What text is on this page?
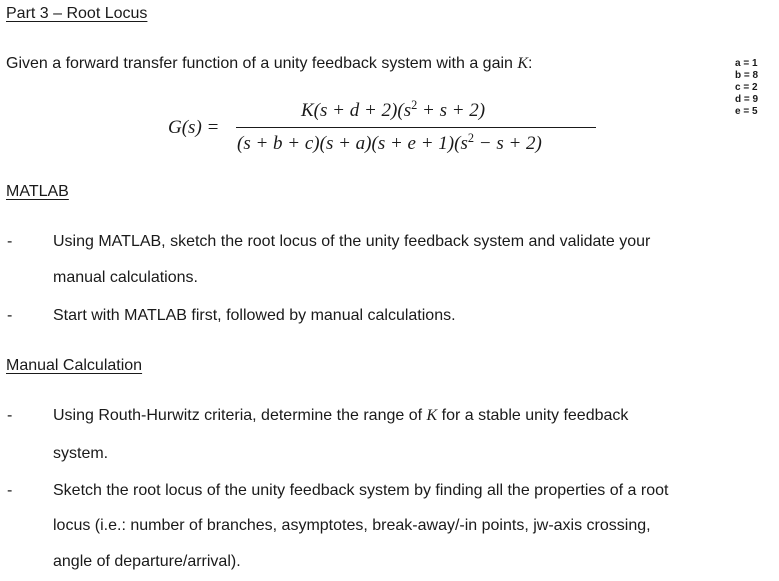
Part 3 – Root Locus
Given a forward transfer function of a unity feedback system with a gain K:	a = 1
b = 8
c = 2
d = 9
e = 5
G(s) =
$K(s + d + 2)(s^2 + s + 2)$
$(s + b + c)(s + a)(s + e + 1)(s^2 - s + 2)$
MATLAB
-	Using MATLAB, sketch the root locus of the unity feedback system and validate your
manual calculations.
-	Start with MATLAB first, followed by manual calculations.
Manual Calculation
-	Using Routh-Hurwitz criteria, determine the range of K for a stable unity feedback
system.
-	Sketch the root locus of the unity feedback system by finding all the properties of a root
locus (i.e.: number of branches, asymptotes, break-away/-in points, jw-axis crossing,
angle of departure/arrival).
